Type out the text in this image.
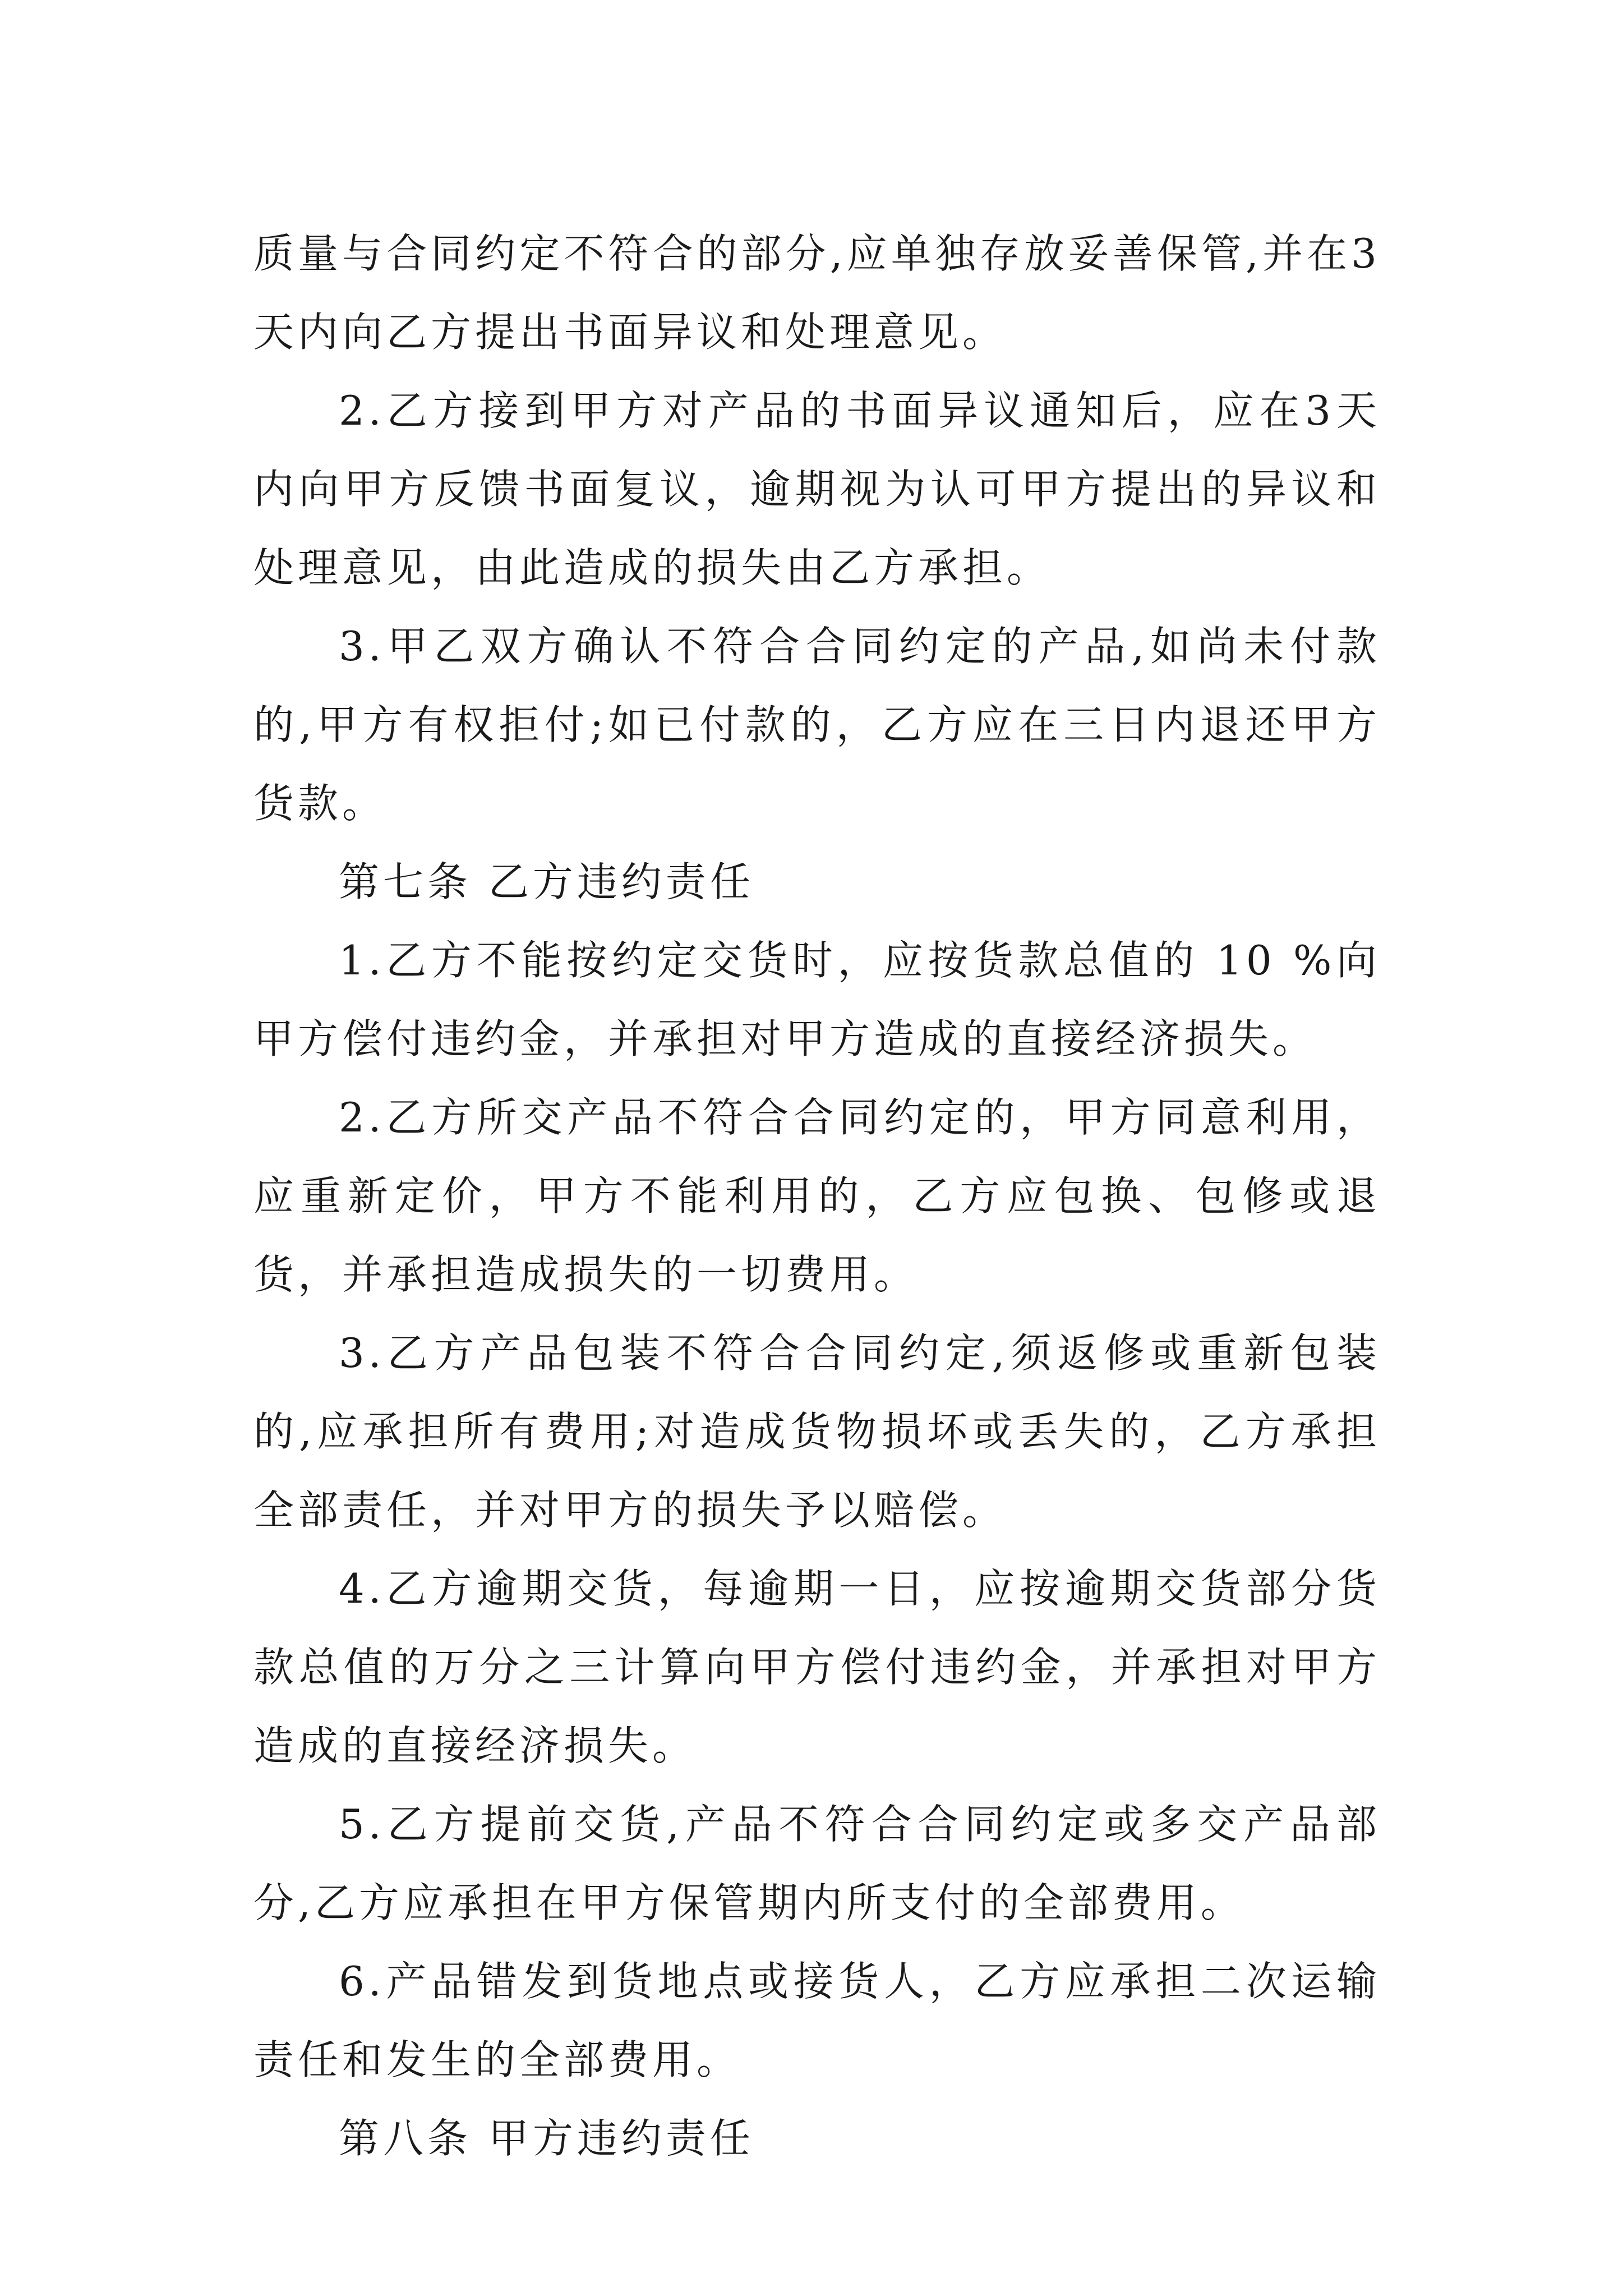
质量与合同约定不符合的部分,应单独存放妥善保管,并在3天内向乙方提出书面异议和处理意见。

2.乙方接到甲方对产品的书面异议通知后，应在3天内向甲方反馈书面复议，逾期视为认可甲方提出的异议和处理意见，由此造成的损失由乙方承担。

3.甲乙双方确认不符合合同约定的产品,如尚未付款的,甲方有权拒付;如已付款的，乙方应在三日内退还甲方货款。

第七条 乙方违约责任

1.乙方不能按约定交货时，应按货款总值的 10 %向甲方偿付违约金，并承担对甲方造成的直接经济损失。

2.乙方所交产品不符合合同约定的，甲方同意利用，应重新定价，甲方不能利用的，乙方应包换、包修或退货，并承担造成损失的一切费用。

3.乙方产品包装不符合合同约定,须返修或重新包装的,应承担所有费用;对造成货物损坏或丢失的，乙方承担全部责任，并对甲方的损失予以赔偿。

4.乙方逾期交货，每逾期一日，应按逾期交货部分货款总值的万分之三计算向甲方偿付违约金，并承担对甲方造成的直接经济损失。

5.乙方提前交货,产品不符合合同约定或多交产品部分,乙方应承担在甲方保管期内所支付的全部费用。

6.产品错发到货地点或接货人，乙方应承担二次运输责任和发生的全部费用。

第八条 甲方违约责任
